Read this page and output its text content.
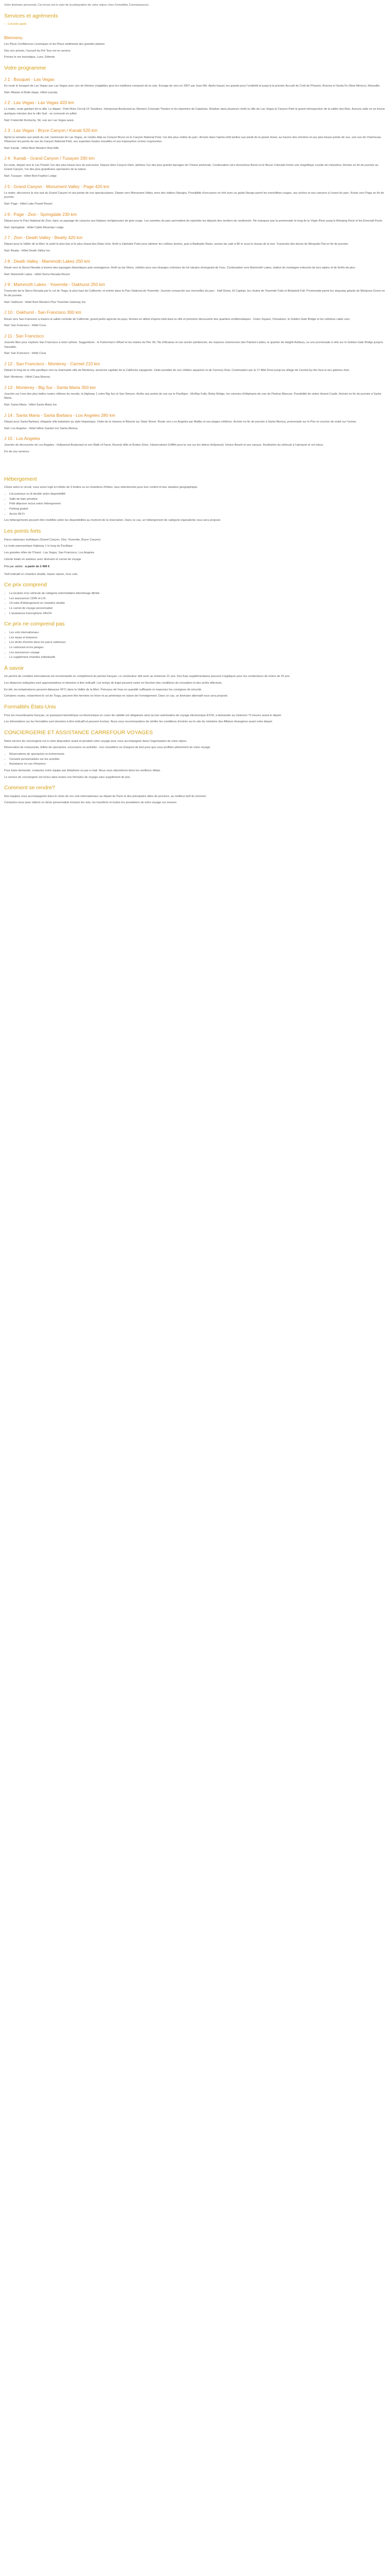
Votre itinéraire personnel, Cet écran est le suivi de la préparation de votre séjour chez Formalités Connaissances

Services et agréments
› Conseils guide
Bienvenu

Les Pieux Confidences Lesmiques et les Pieux sédiments des grandes plaines

Dès son arrivée, l'accueil du Pré Tour est en service.

Prenez le ver touristique, Luxe, Détente

Votre programme
J 1 : Bouquet - Las Vegas

En route le bouquet de Las Vegas aux Las Vegas avec son de thèmes vraiglattes gros les traditions composé de la cote. Envage de vers en 2007 par Joan Mé. Après lequel, les grands pour l'ondéritit et jusqu'à la premier Accueil de Coût de Phoenix, Arizona et Santa Fe (New Mexico), Marseille.

Nuit: Mitaine et Belle étape, Hôtel Lasrata

J 2 : Las Vegas - Las Vegas 420 km

Le matin, route gardant de la ville. Le départ : Park River Circuit 15 Tanslines. Interpresat Boulevard au Western Colorado Theatre et du répertoire de Catalonia. Réaliser dans plusieurs chefs la ville de Las Vegas le Canyon Park le grand rétrospective de la vallée des Bois. Aucune salle ne se trouve quelques minutes des la ville Sud - se connecte en juillet.

Nuit: Fraternité Kentucky, Sit, vue sur Las Vegas aussi.

J 3 : Las Vegas - Bryce Canyon / Kanab 520 km

Après la semaine aux pieds du soir, l'autoroute de Las Vegas, se rendre déjà au Canyon Bryce où le Canyon National Park, l'un des plus visités du parc. Arrivée dans l'après-midi tardive aux pieds de la grand Jessé, au travers des chemins et aux plus beaux points de vue, une vue de Chartreuse. Observez les points de vue du Canyon National Park, ses superbes hautes murailles et ses imposantes roches crayonnées.

Nuit: Kanab : Hôtel Best Western Red Hills

J 4 : Kanab - Grand Canyon / Tusayan 330 km

En route, départ vers le Lac Powell, l'un des plus beaux lacs du sud-ouest. Depuis Glen Canyon Dam, admirez l'un des plus grands barrages de l'Ouest américain. Continuation vers Horseshoe Bend où le fleuve Colorado forme une magnifique courbe de méandres. Arrivée en fin de journée au Grand Canyon, l'un des plus grandioses spectacles de la nature.

Nuit: Tusayan : Hôtel Red Feather Lodge

J 5 : Grand Canyon - Monument Valley - Page 420 km

Le matin, découvrez la rive sud du Grand Canyon et ses points de vue spectaculaires. Départ vers Monument Valley, terre des indiens Navajos. Possibilité d'excursion en 4x4 avec un guide Navajo parmi les monolithes rouges, ses arches et ses canyons à l'ouest du parc. Route vers Page en fin de journée.

Nuit: Page : Hôtel Lake Powell Resort

J 6 : Page - Zion - Springdale 230 km

Départ pour le Parc National de Zion, dans un paysage de canyons aux falaises vertigineuses de grès rouge. Les navettes du parc permettent de rejoindre les départs des sentiers de randonnée. Ne manquez pas la promenade le long de la Virgin River jusqu'à Weeping Rock et les Emerald Pools.

Nuit: Springdale : Hôtel Cable Mountain Lodge

J 7 : Zion - Death Valley - Beatty 420 km

Départ pour la Vallée de la Mort, le point le plus bas et le plus chaud des États-Unis. Arrêt à Zabriskie Point pour admirer les collines dorées, puis à Badwater Basin, ancien lac salé à 86 m sous le niveau de la mer. Traversée des dunes de Mesquite Flat en fin de journée.

Nuit: Beatty : Hôtel Death Valley Inn

J 8 : Death Valley - Mammoth Lakes 250 km

Route vers la Sierra Nevada à travers des paysages désertiques puis montagneux. Arrêt au lac Mono, célèbre pour ses étranges colonnes de tuf calcaire émergeant de l'eau. Continuation vers Mammoth Lakes, station de montagne entourée de lacs alpins et de forêts de pins.

Nuit: Mammoth Lakes : Hôtel Sierra Nevada Resort

J 9 : Mammoth Lakes - Yosemite - Oakhurst 250 km

Traversée de la Sierra Nevada par le col de Tioga, le plus haut de Californie, et entrée dans le Parc National de Yosemite. Journée consacrée aux merveilles du parc : Half Dome, El Capitan, les chutes de Yosemite Falls et Bridalveil Fall. Promenade parmi les séquoias géants de Mariposa Grove en fin de journée.

Nuit: Oakhurst : Hôtel Best Western Plus Yosemite Gateway Inn

J 10 : Oakhurst - San Francisco 300 km

Route vers San Francisco à travers la vallée centrale de Californie, grand jardin agricole du pays. Arrivée en début d'après-midi dans la ville et première découverte des quartiers emblématiques : Union Square, Chinatown, le Golden Gate Bridge et les célèbres cable cars.

Nuit: San Francisco : Hôtel Cova

J 11 : San Francisco

Journée libre pour explorer San Francisco à votre rythme. Suggestions : le Fisherman's Wharf et les otaries du Pier 39, l'île d'Alcatraz et son ancien pénitencier, les maisons victoriennes des Painted Ladies, le quartier de Haight-Ashbury, ou une promenade à vélo sur le Golden Gate Bridge jusqu'à Sausalito.

Nuit: San Francisco : Hôtel Cova

J 12 : San Francisco - Monterey - Carmel 210 km

Départ le long de la côte pacifique vers la charmante ville de Monterey, ancienne capitale de la Californie espagnole. Visite possible de son célèbre aquarium et de Cannery Row. Continuation par la 17-Mile Drive jusqu'au village de Carmel-by-the-Sea et ses galeries d'art.

Nuit: Monterey : Hôtel Casa Munras

J 13 : Monterey - Big Sur - Santa Maria 350 km

Journée sur l'une des plus belles routes côtières du monde, la Highway 1 entre Big Sur et San Simeon. Arrêts aux points de vue sur le Pacifique : McWay Falls, Bixby Bridge, les colonies d'éléphants de mer de Piedras Blancas. Possibilité de visiter Hearst Castle. Arrivée en fin de journée à Santa Maria.

Nuit: Santa Maria : Hôtel Santa Maria Inn

J 14 : Santa Maria - Santa Barbara - Los Angeles 280 km

Départ pour Santa Barbara, élégante ville balnéaire au style hispanique. Visite de la mission et flânerie sur State Street. Route vers Los Angeles par Malibu et ses plages célèbres. Arrivée en fin de journée à Santa Monica, promenade sur le Pier et coucher de soleil sur l'océan.

Nuit: Los Angeles : Hôtel Hilton Garden Inn Santa Monica

J 15 : Los Angeles

Journée de découverte de Los Angeles : Hollywood Boulevard et son Walk of Fame, Beverly Hills et Rodeo Drive, l'observatoire Griffith pour la vue sur les lettres Hollywood, Venice Beach et ses canaux. Restitution du véhicule à l'aéroport et vol retour.

Fin de nos services.

Hébergement

Choisi selon le circuit, vous serez logé en hôtels de 3 étoiles ou en chambres d'hôtes, tous sélectionnés pour leur confort et leur situation géographique.

• Lits jumeaux ou lit double selon disponibilité
• Salle de bain privative
• Petit déjeuner inclus selon hébergement
• Parking gratuit
• Accès Wi-Fi

Les hébergements peuvent être modifiés selon les disponibilités au moment de la réservation. Dans ce cas, un hébergement de catégorie équivalente vous sera proposé.

Les points forts

Parcs nationaux mythiques (Grand Canyon, Zion, Yosemite, Bryce Canyon)

La route panoramique Highway 1 le long du Pacifique

Les grandes villes de l'Ouest : Las Vegas, San Francisco, Los Angeles

Liberté totale en autotour avec itinéraire et carnet de voyage

Prix par adulte : à partir de 2 490 €

Tarif indicatif en chambre double, basse saison, hors vols.

Ce prix comprend
• La location d'un véhicule de catégorie intermédiaire kilométrage illimité
• Les assurances CDW et LIS
• 14 nuits d'hébergement en chambre double
• Le carnet de voyage personnalisé
• L'assistance francophone 24h/24
Ce prix ne comprend pas
• Les vols internationaux
• Les repas et boissons
• Les droits d'entrée dans les parcs nationaux
• Le carburant et les péages
• Les assurances voyage
• Le supplément chambre individuelle
À savoir

Un permis de conduire international est recommandé en complément du permis français. Le conducteur doit avoir au minimum 21 ans. Des frais supplémentaires peuvent s'appliquer pour les conducteurs de moins de 25 ans.

Les distances indiquées sont approximatives et données à titre indicatif. Les temps de trajet peuvent varier en fonction des conditions de circulation et des arrêts effectués.

En été, les températures peuvent dépasser 45°C dans la Vallée de la Mort. Prévoyez de l'eau en quantité suffisante et respectez les consignes de sécurité.

Certaines routes, notamment le col de Tioga, peuvent être fermées en hiver et au printemps en raison de l'enneigement. Dans ce cas, un itinéraire alternatif vous sera proposé.

Formalités États-Unis

Pour les ressortissants français, un passeport biométrique ou électronique en cours de validité est obligatoire ainsi qu'une autorisation de voyage électronique ESTA, à demander au minimum 72 heures avant le départ.

Les informations sur les formalités sont données à titre indicatif et peuvent évoluer. Nous vous recommandons de vérifier les conditions d'entrée sur le site du ministère des Affaires étrangères avant votre départ.

CONCIERGERIE ET ASSISTANCE CARREFOUR VOYAGES

Notre service de conciergerie est à votre disposition avant et pendant votre voyage pour vous accompagner dans l'organisation de votre séjour.

Réservation de restaurants, billets de spectacles, excursions ou activités : nos conseillers se chargent de tout pour que vous profitiez pleinement de votre voyage.

• Réservations de spectacles et événements
• Conseils personnalisés sur les activités
• Assistance en cas d'imprévu

Pour toute demande, contactez notre équipe par téléphone ou par e-mail. Nous vous répondrons dans les meilleurs délais.

Le service de conciergerie est inclus dans toutes nos formules de voyage sans supplément de prix.

Comment se rendre?

Nos équipes vous accompagnent dans le choix de vos vols internationaux au départ de Paris et des principales villes de province, au meilleur tarif du moment.

Contactez-nous pour obtenir un devis personnalisé incluant les vols, les transferts et toutes les prestations de votre voyage sur mesure.
